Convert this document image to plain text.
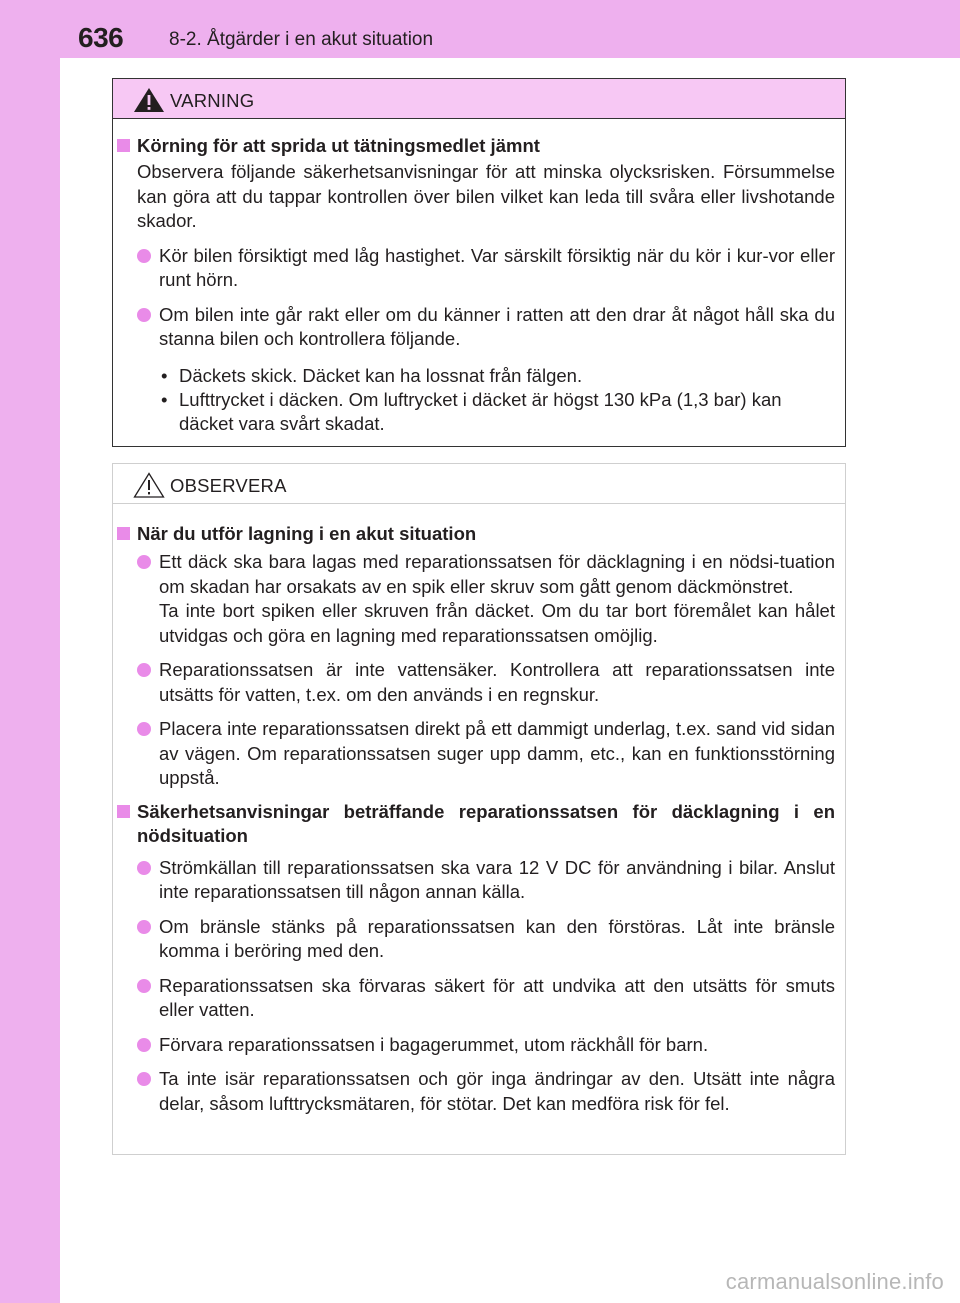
636 8-2. Åtgärder i en akut situation
VARNING
Körning för att sprida ut tätningsmedlet jämnt
Observera följande säkerhetsanvisningar för att minska olycksrisken. Försummelse kan göra att du tappar kontrollen över bilen vilket kan leda till svåra eller livshotande skador.
Kör bilen försiktigt med låg hastighet. Var särskilt försiktig när du kör i kur-vor eller runt hörn.
Om bilen inte går rakt eller om du känner i ratten att den drar åt något håll ska du stanna bilen och kontrollera följande.
• Däckets skick. Däcket kan ha lossnat från fälgen.
• Lufttrycket i däcken. Om luftrycket i däcket är högst 130 kPa (1,3 bar) kan däcket vara svårt skadat.
OBSERVERA
När du utför lagning i en akut situation
Ett däck ska bara lagas med reparationssatsen för däcklagning i en nödsi-tuation om skadan har orsakats av en spik eller skruv som gått genom däckmönstret.
Ta inte bort spiken eller skruven från däcket. Om du tar bort föremålet kan hålet utvidgas och göra en lagning med reparationssatsen omöjlig.
Reparationssatsen är inte vattensäker. Kontrollera att reparationssatsen inte utsätts för vatten, t.ex. om den används i en regnskur.
Placera inte reparationssatsen direkt på ett dammigt underlag, t.ex. sand vid sidan av vägen. Om reparationssatsen suger upp damm, etc., kan en funktionsstörning uppstå.
Säkerhetsanvisningar beträffande reparationssatsen för däcklagning i en nödsituation
Strömkällan till reparationssatsen ska vara 12 V DC för användning i bilar. Anslut inte reparationssatsen till någon annan källa.
Om bränsle stänks på reparationssatsen kan den förstöras. Låt inte bränsle komma i beröring med den.
Reparationssatsen ska förvaras säkert för att undvika att den utsätts för smuts eller vatten.
Förvara reparationssatsen i bagagerummet, utom räckhåll för barn.
Ta inte isär reparationssatsen och gör inga ändringar av den. Utsätt inte några delar, såsom lufttrycksmätaren, för stötar. Det kan medföra risk för fel.
carmanualsonline.info
